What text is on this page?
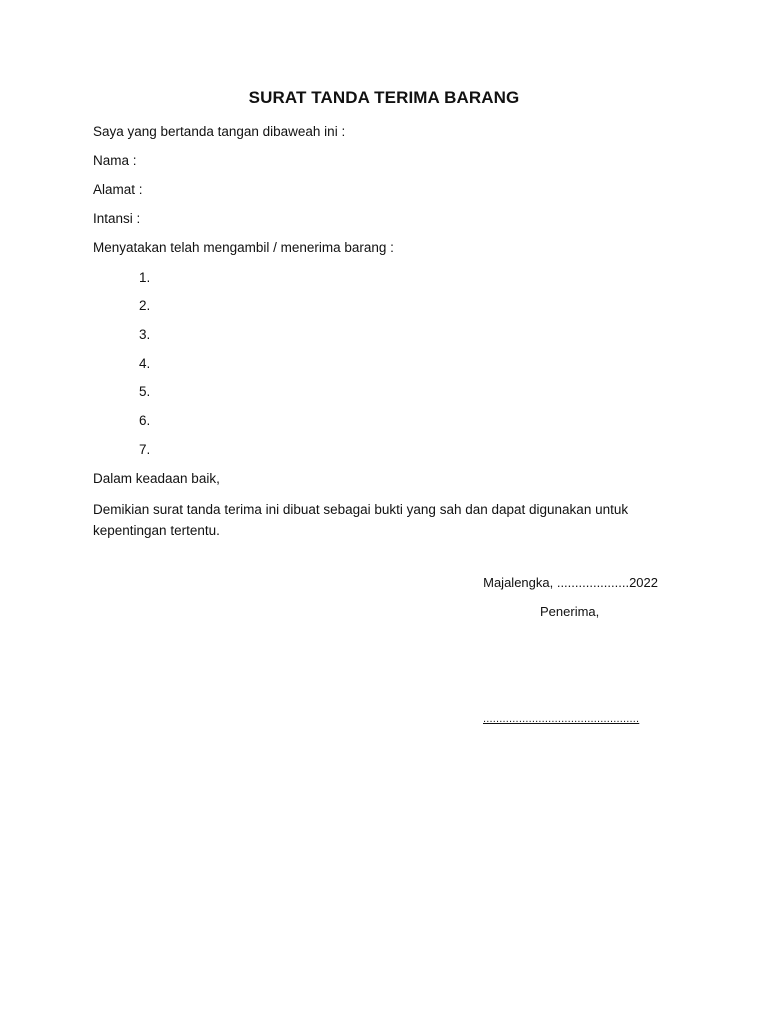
SURAT TANDA TERIMA BARANG
Saya yang bertanda tangan dibaweah ini :
Nama :
Alamat :
Intansi :
Menyatakan telah mengambil / menerima barang :
1.
2.
3.
4.
5.
6.
7.
Dalam keadaan baik,
Demikian surat tanda terima ini dibuat sebagai bukti yang sah dan dapat digunakan untuk kepentingan tertentu.
Majalengka, ....................2022
Penerima,
................................................
